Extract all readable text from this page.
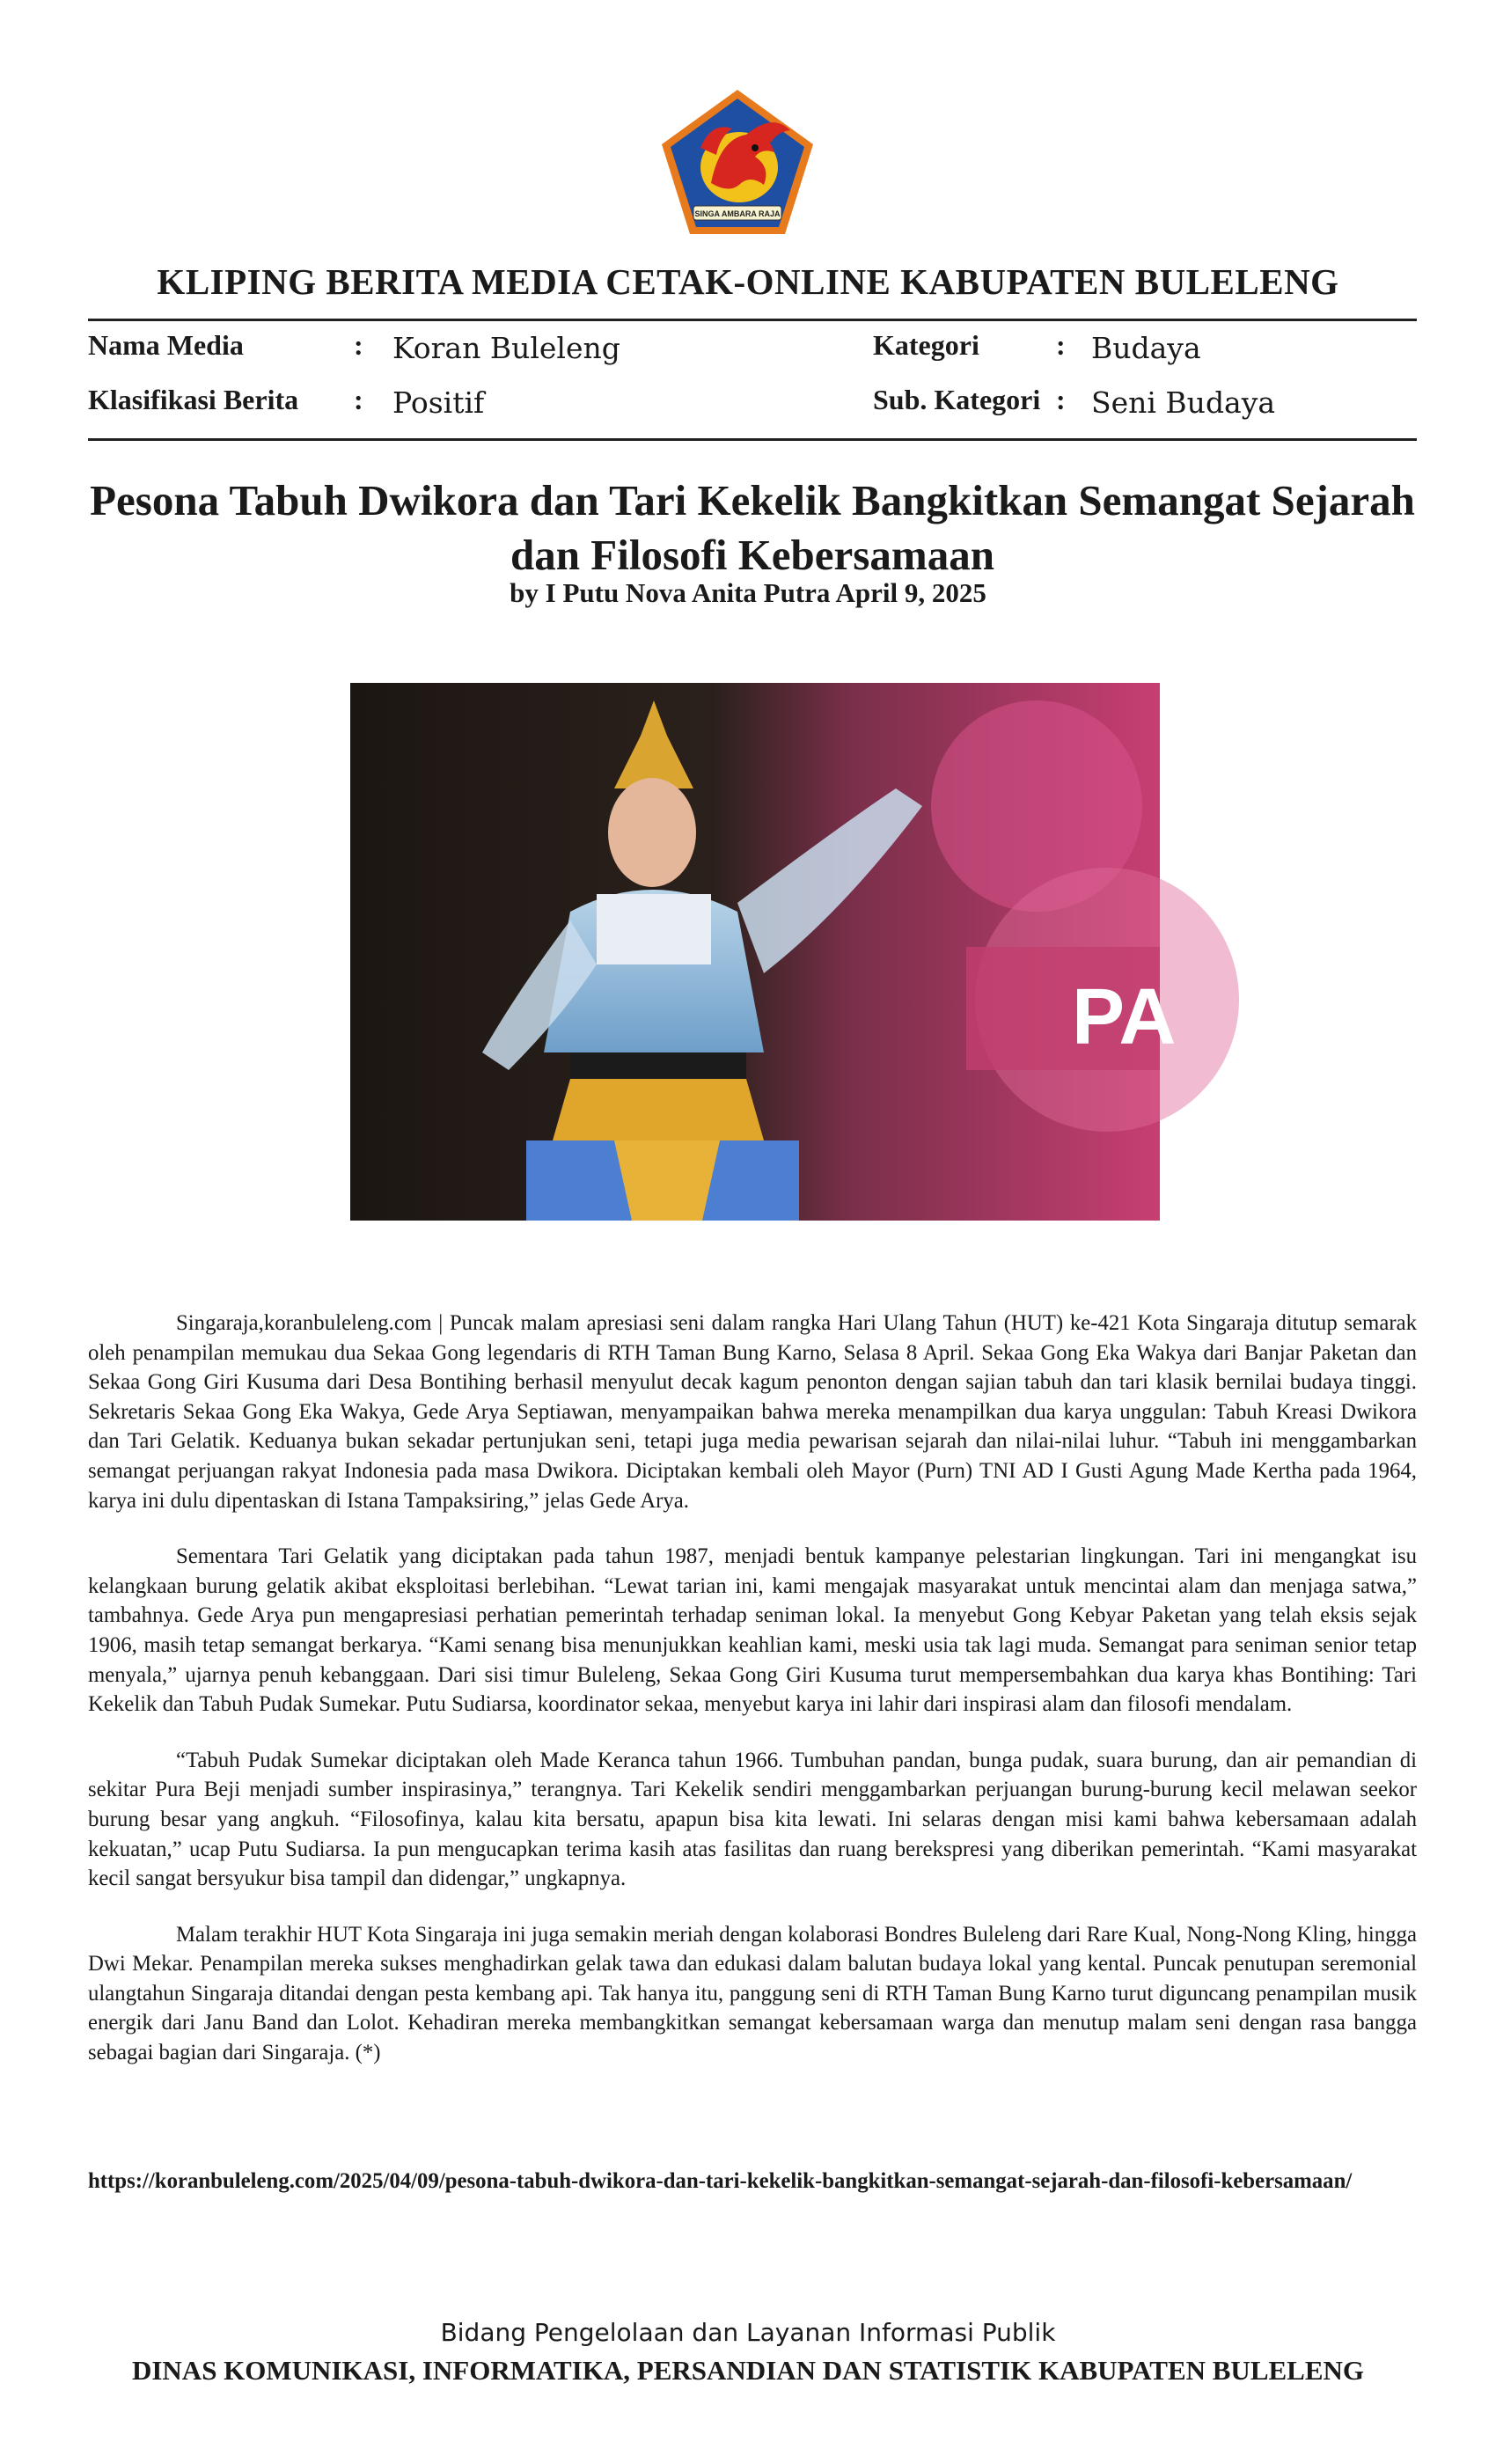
SINGA AMBARA RAJA
KLIPING BERITA MEDIA CETAK-ONLINE KABUPATEN BULELENG
Nama Media	: Koran Buleleng	Kategori	: Budaya
Klasifikasi Berita : Positif	Sub. Kategori : Seni Budaya
Pesona Tabuh Dwikora dan Tari Kekelik Bangkitkan Semangat Sejarah dan Filosofi Kebersamaan
by I Putu Nova Anita Putra April 9, 2025
PA

Singaraja,koranbuleleng.com | Puncak malam apresiasi seni dalam rangka Hari Ulang Tahun (HUT) ke-421 Kota Singaraja ditutup semarak oleh penampilan memukau dua Sekaa Gong legendaris di RTH Taman Bung Karno, Selasa 8 April. Sekaa Gong Eka Wakya dari Banjar Paketan dan Sekaa Gong Giri Kusuma dari Desa Bontihing berhasil menyulut decak kagum penonton dengan sajian tabuh dan tari klasik bernilai budaya tinggi. Sekretaris Sekaa Gong Eka Wakya, Gede Arya Septiawan, menyampaikan bahwa mereka menampilkan dua karya unggulan: Tabuh Kreasi Dwikora dan Tari Gelatik. Keduanya bukan sekadar pertunjukan seni, tetapi juga media pewarisan sejarah dan nilai-nilai luhur. “Tabuh ini menggambarkan semangat perjuangan rakyat Indonesia pada masa Dwikora. Diciptakan kembali oleh Mayor (Purn) TNI AD I Gusti Agung Made Kertha pada 1964, karya ini dulu dipentaskan di Istana Tampaksiring,” jelas Gede Arya.

Sementara Tari Gelatik yang diciptakan pada tahun 1987, menjadi bentuk kampanye pelestarian lingkungan. Tari ini mengangkat isu kelangkaan burung gelatik akibat eksploitasi berlebihan. “Lewat tarian ini, kami mengajak masyarakat untuk mencintai alam dan menjaga satwa,” tambahnya. Gede Arya pun mengapresiasi perhatian pemerintah terhadap seniman lokal. Ia menyebut Gong Kebyar Paketan yang telah eksis sejak 1906, masih tetap semangat berkarya. “Kami senang bisa menunjukkan keahlian kami, meski usia tak lagi muda. Semangat para seniman senior tetap menyala,” ujarnya penuh kebanggaan. Dari sisi timur Buleleng, Sekaa Gong Giri Kusuma turut mempersembahkan dua karya khas Bontihing: Tari Kekelik dan Tabuh Pudak Sumekar. Putu Sudiarsa, koordinator sekaa, menyebut karya ini lahir dari inspirasi alam dan filosofi mendalam.

“Tabuh Pudak Sumekar diciptakan oleh Made Keranca tahun 1966. Tumbuhan pandan, bunga pudak, suara burung, dan air pemandian di sekitar Pura Beji menjadi sumber inspirasinya,” terangnya. Tari Kekelik sendiri menggambarkan perjuangan burung-burung kecil melawan seekor burung besar yang angkuh. “Filosofinya, kalau kita bersatu, apapun bisa kita lewati. Ini selaras dengan misi kami bahwa kebersamaan adalah kekuatan,” ucap Putu Sudiarsa. Ia pun mengucapkan terima kasih atas fasilitas dan ruang berekspresi yang diberikan pemerintah. “Kami masyarakat kecil sangat bersyukur bisa tampil dan didengar,” ungkapnya.

Malam terakhir HUT Kota Singaraja ini juga semakin meriah dengan kolaborasi Bondres Buleleng dari Rare Kual, Nong-Nong Kling, hingga Dwi Mekar. Penampilan mereka sukses menghadirkan gelak tawa dan edukasi dalam balutan budaya lokal yang kental. Puncak penutupan seremonial ulangtahun Singaraja ditandai dengan pesta kembang api. Tak hanya itu, panggung seni di RTH Taman Bung Karno turut diguncang penampilan musik energik dari Janu Band dan Lolot. Kehadiran mereka membangkitkan semangat kebersamaan warga dan menutup malam seni dengan rasa bangga sebagai bagian dari Singaraja. (*)

https://koranbuleleng.com/2025/04/09/pesona-tabuh-dwikora-dan-tari-kekelik-bangkitkan-semangat-sejarah-dan-filosofi-kebersamaan/
Bidang Pengelolaan dan Layanan Informasi Publik
DINAS KOMUNIKASI, INFORMATIKA, PERSANDIAN DAN STATISTIK KABUPATEN BULELENG
